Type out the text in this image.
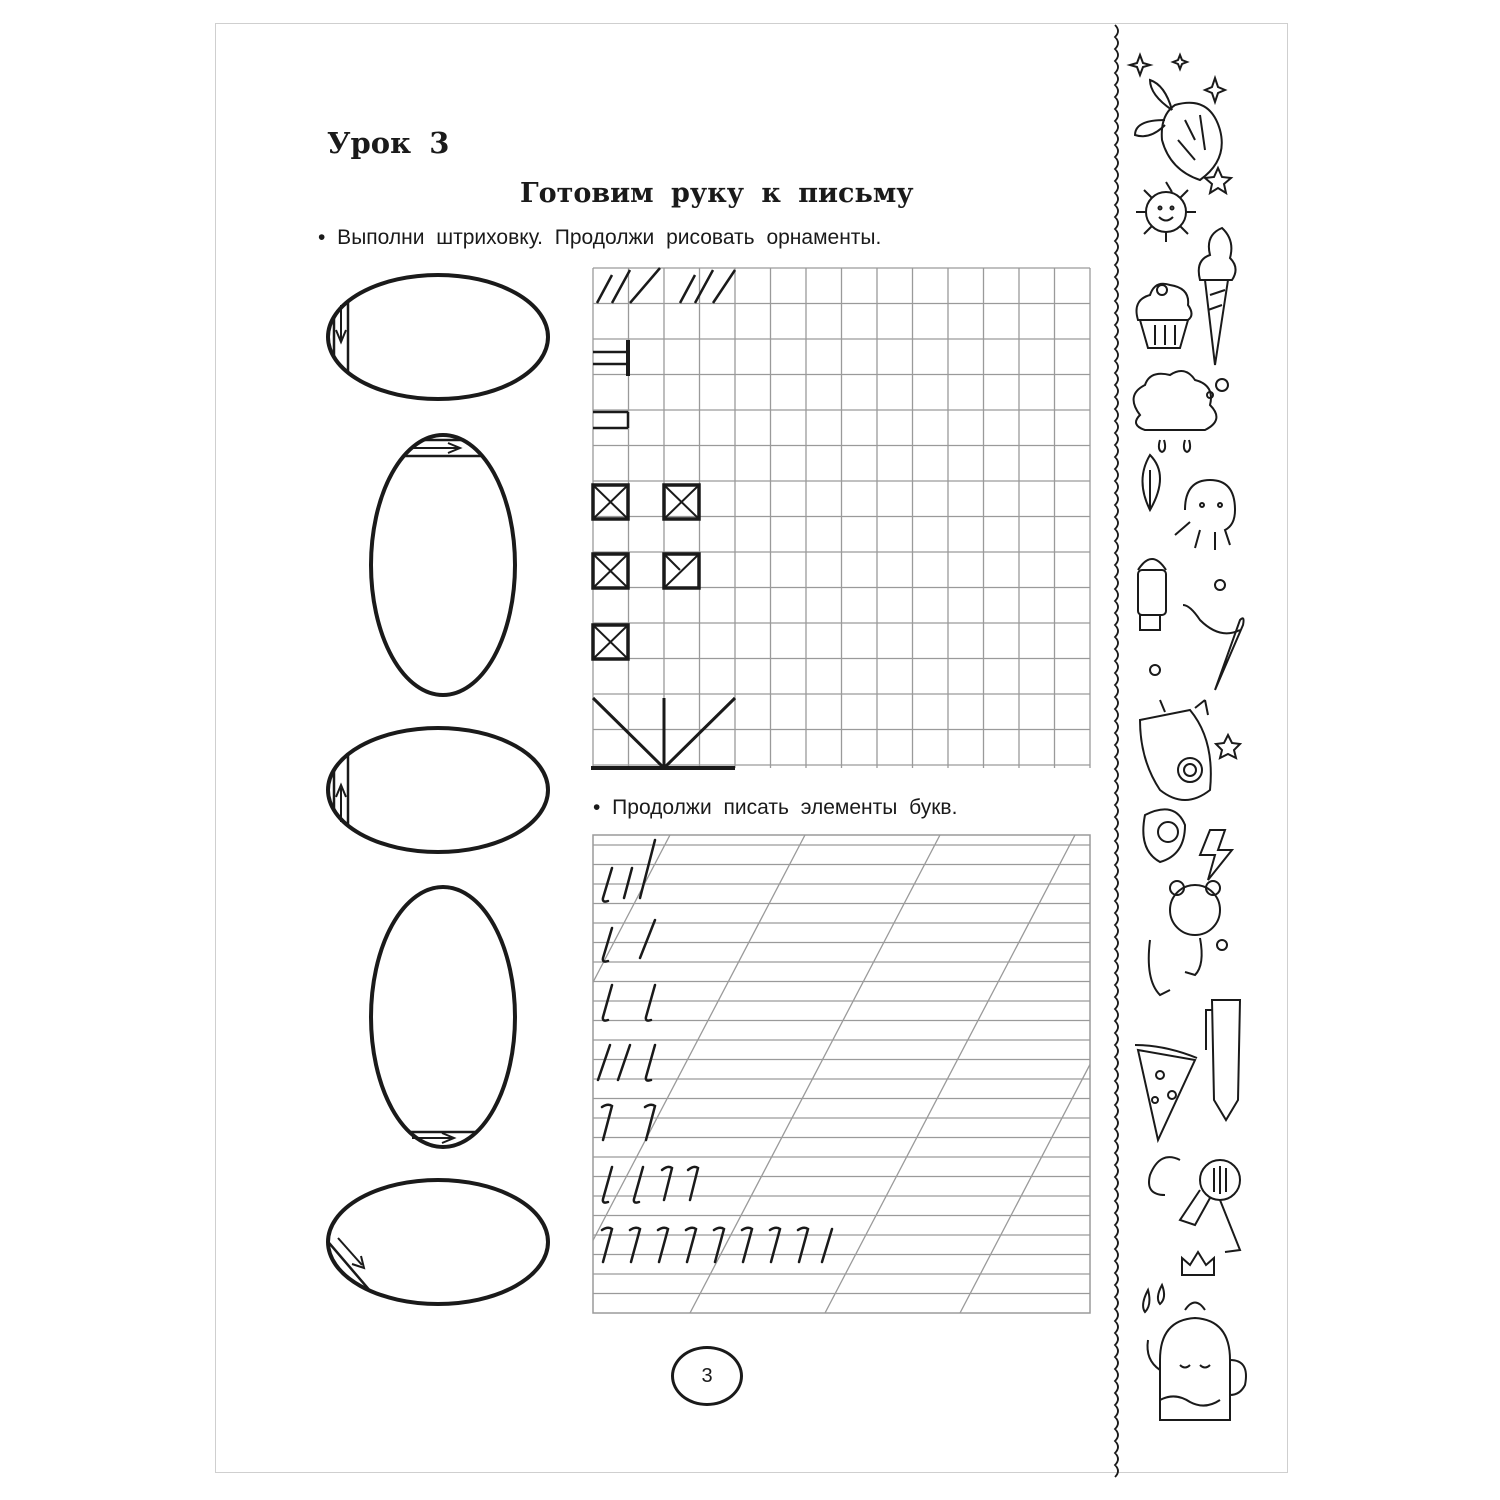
Урок 3
Готовим руку к письму

• Выполни штриховку. Продолжи рисовать орнаменты.

• Продолжи писать элементы букв.

3
